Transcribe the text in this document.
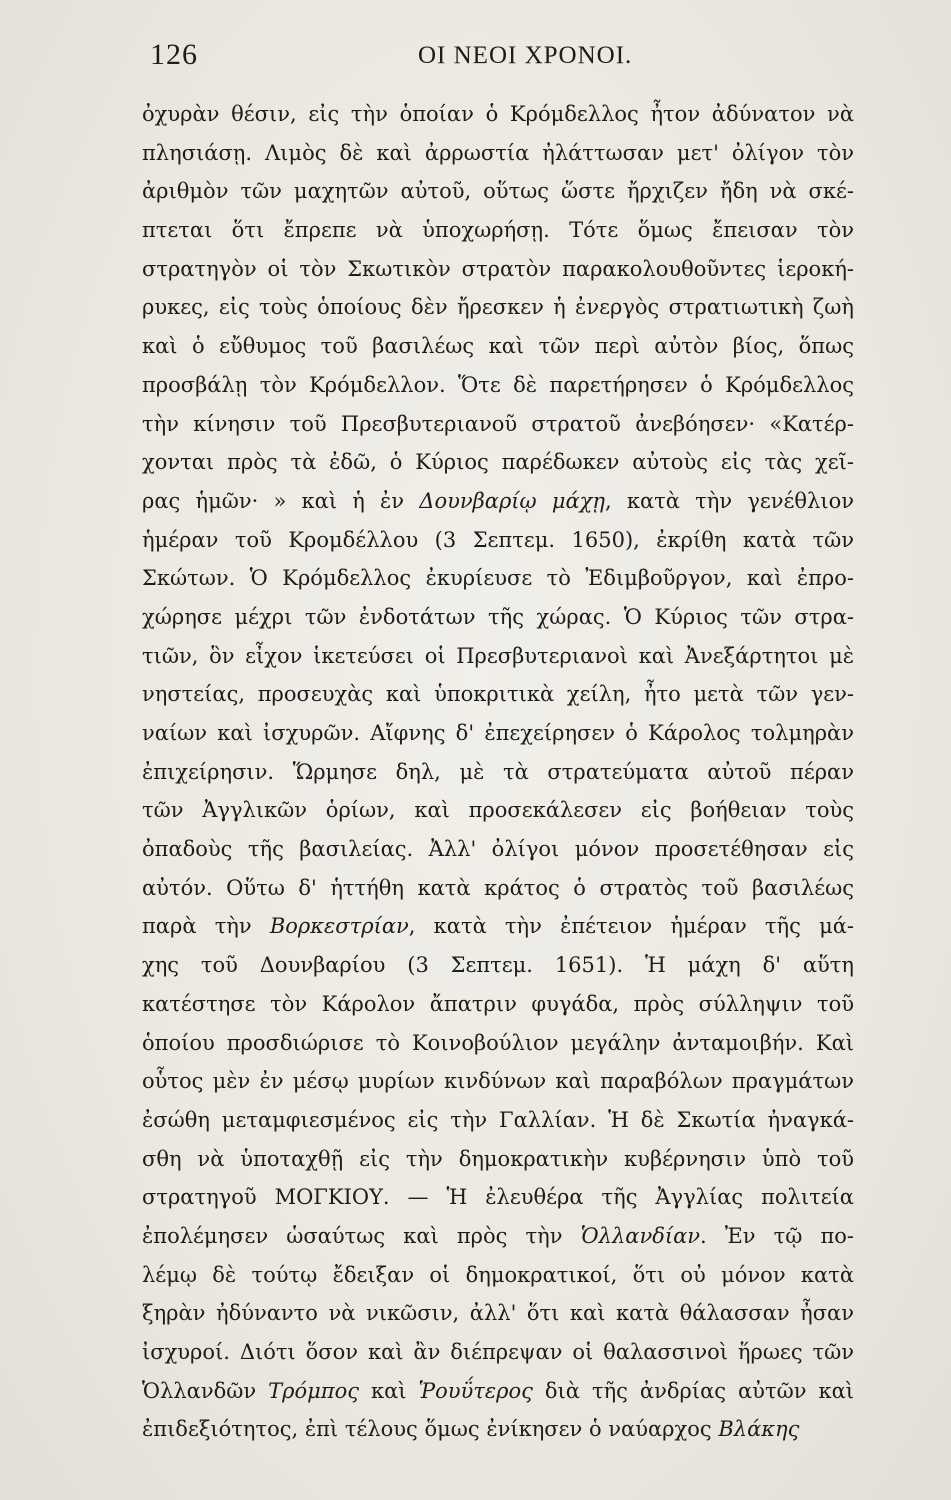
126	ΟΙ ΝΕΟΙ ΧΡΟΝΟΙ.
ὀχυρὰν θέσιν, εἰς τὴν ὁποίαν ὁ Κρόμδελλος ἦτον ἀδύνατον νὰ
πλησιάσῃ. Λιμὸς δὲ καὶ ἀρρωστία ἠλάττωσαν μετ' ὀλίγον τὸν
ἀριθμὸν τῶν μαχητῶν αὐτοῦ, οὕτως ὥστε ἤρχιζεν ἤδη νὰ σκέ-
πτεται ὅτι ἔπρεπε νὰ ὑποχωρήσῃ. Τότε ὅμως ἔπεισαν τὸν
στρατηγὸν οἱ τὸν Σκωτικὸν στρατὸν παρακολουθοῦντες ἱεροκή-
ρυκες, εἰς τοὺς ὁποίους δὲν ἤρεσκεν ἡ ἐνεργὸς στρατιωτικὴ ζωὴ
καὶ ὁ εὔθυμος τοῦ βασιλέως καὶ τῶν περὶ αὐτὸν βίος, ὅπως
προσβάλῃ τὸν Κρόμδελλον. Ὅτε δὲ παρετήρησεν ὁ Κρόμδελλος
τὴν κίνησιν τοῦ Πρεσβυτεριανοῦ στρατοῦ ἀνεβόησεν· «Κατέρ-
χονται πρὸς τὰ ἐδῶ, ὁ Κύριος παρέδωκεν αὐτοὺς εἰς τὰς χεῖ-
ρας ἡμῶν· » καὶ ἡ ἐν Δουνβαρίῳ μάχῃ, κατὰ τὴν γενέθλιον
ἡμέραν τοῦ Κρομδέλλου (3 Σεπτεμ. 1650), ἐκρίθη κατὰ τῶν
Σκώτων. Ὁ Κρόμδελλος ἐκυρίευσε τὸ Ἐδιμβοῦργον, καὶ ἐπρο-
χώρησε μέχρι τῶν ἐνδοτάτων τῆς χώρας. Ὁ Κύριος τῶν στρα-
τιῶν, ὃν εἶχον ἱκετεύσει οἱ Πρεσβυτεριανοὶ καὶ Ἀνεξάρτητοι μὲ
νηστείας, προσευχὰς καὶ ὑποκριτικὰ χείλη, ἦτο μετὰ τῶν γεν-
ναίων καὶ ἰσχυρῶν. Αἴφνης δ' ἐπεχείρησεν ὁ Κάρολος τολμηρὰν
ἐπιχείρησιν. Ὥρμησε δηλ, μὲ τὰ στρατεύματα αὐτοῦ πέραν
τῶν Ἀγγλικῶν ὁρίων, καὶ προσεκάλεσεν εἰς βοήθειαν τοὺς
ὀπαδοὺς τῆς βασιλείας. Ἀλλ' ὀλίγοι μόνον προσετέθησαν εἰς
αὐτόν. Οὕτω δ' ἡττήθη κατὰ κράτος ὁ στρατὸς τοῦ βασιλέως
παρὰ τὴν Βορκεστρίαν, κατὰ τὴν ἐπέτειον ἡμέραν τῆς μά-
χης τοῦ Δουνβαρίου (3 Σεπτεμ. 1651). Ἡ μάχη δ' αὕτη
κατέστησε τὸν Κάρολον ἄπατριν φυγάδα, πρὸς σύλληψιν τοῦ
ὁποίου προσδιώρισε τὸ Κοινοβούλιον μεγάλην ἀνταμοιβήν. Καὶ
οὗτος μὲν ἐν μέσῳ μυρίων κινδύνων καὶ παραβόλων πραγμάτων
ἐσώθη μεταμφιεσμένος εἰς τὴν Γαλλίαν. Ἡ δὲ Σκωτία ἠναγκά-
σθη νὰ ὑποταχθῇ εἰς τὴν δημοκρατικὴν κυβέρνησιν ὑπὸ τοῦ
στρατηγοῦ ΜΟΓΚΙΟΥ. — Ἡ ἐλευθέρα τῆς Ἀγγλίας πολιτεία
ἐπολέμησεν ὡσαύτως καὶ πρὸς τὴν Ὁλλανδίαν. Ἐν τῷ πο-
λέμῳ δὲ τούτῳ ἔδειξαν οἱ δημοκρατικοί, ὅτι οὐ μόνον κατὰ
ξηρὰν ἠδύναντο νὰ νικῶσιν, ἀλλ' ὅτι καὶ κατὰ θάλασσαν ἦσαν
ἰσχυροί. Διότι ὅσον καὶ ἂν διέπρεψαν οἱ θαλασσινοὶ ἥρωες τῶν
Ὁλλανδῶν Τρόμπος καὶ Ῥουΰτερος διὰ τῆς ἀνδρίας αὐτῶν καὶ
ἐπιδεξιότητος, ἐπὶ τέλους ὅμως ἐνίκησεν ὁ ναύαρχος Βλάκης
